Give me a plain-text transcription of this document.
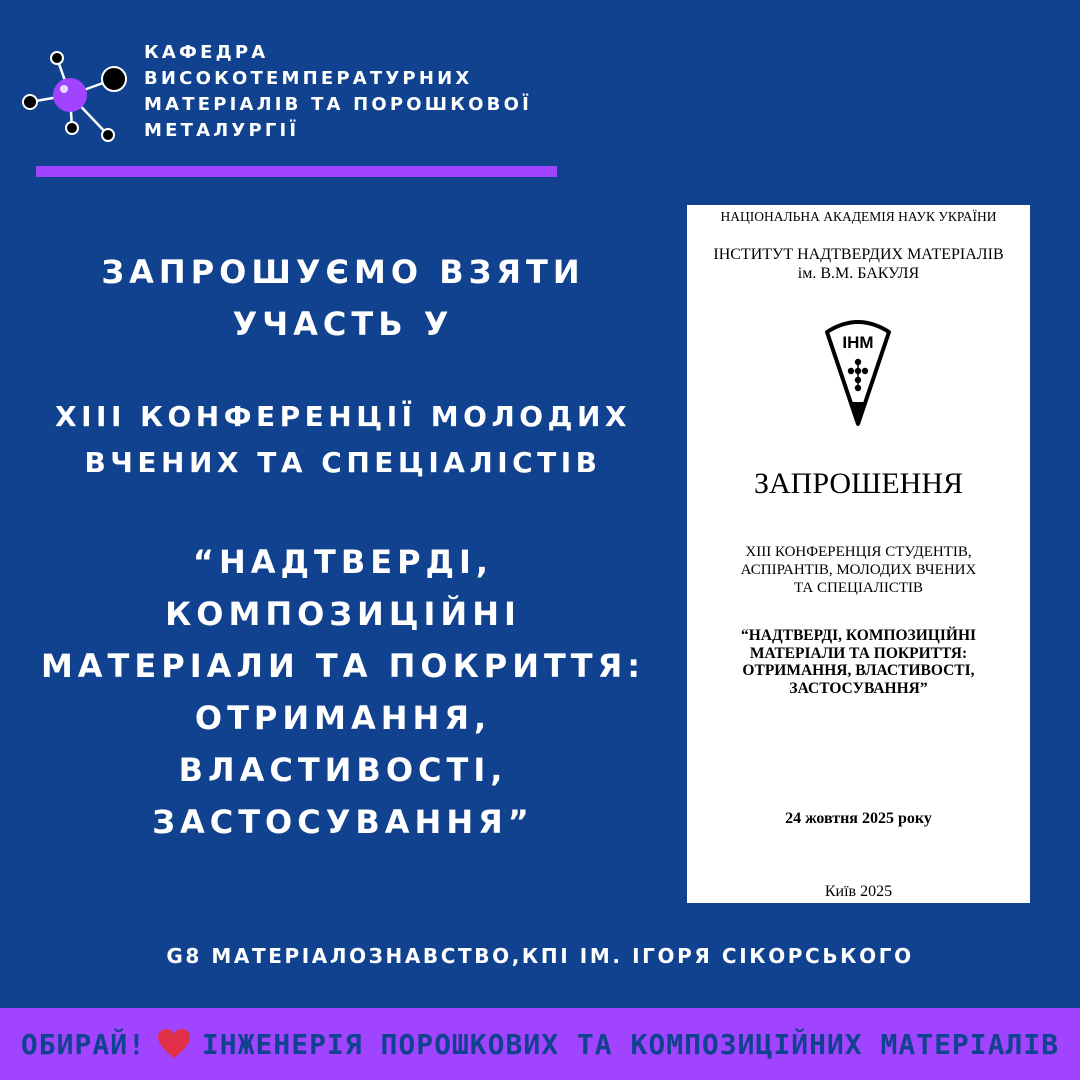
КАФЕДРА
ВИСОКОТЕМПЕРАТУРНИХ
МАТЕРІАЛІВ ТА ПОРОШКОВОЇ
МЕТАЛУРГІЇ
ЗАПРОШУЄМО ВЗЯТИ
УЧАСТЬ У
XIII КОНФЕРЕНЦІЇ МОЛОДИХ
ВЧЕНИХ ТА СПЕЦІАЛІСТІВ
“НАДТВЕРДІ,
КОМПОЗИЦІЙНІ
МАТЕРІАЛИ ТА ПОКРИТТЯ:
ОТРИМАННЯ,
ВЛАСТИВОСТІ,
ЗАСТОСУВАННЯ”
НАЦІОНАЛЬНА АКАДЕМІЯ НАУК УКРАЇНИ
ІНСТИТУТ НАДТВЕРДИХ МАТЕРІАЛІВ
ім. В.М. БАКУЛЯ
ІНМ
ЗАПРОШЕННЯ
XIII КОНФЕРЕНЦІЯ СТУДЕНТІВ,
АСПІРАНТІВ, МОЛОДИХ ВЧЕНИХ
ТА СПЕЦІАЛІСТІВ
“НАДТВЕРДІ, КОМПОЗИЦІЙНІ
МАТЕРІАЛИ ТА ПОКРИТТЯ:
ОТРИМАННЯ, ВЛАСТИВОСТІ,
ЗАСТОСУВАННЯ”
24 жовтня 2025 року
Київ 2025
G8 МАТЕРІАЛОЗНАВСТВО,КПІ ІМ. ІГОРЯ СІКОРСЬКОГО
ОБИРАЙ! ІНЖЕНЕРІЯ ПОРОШКОВИХ ТА КОМПОЗИЦІЙНИХ МАТЕРІАЛІВ
